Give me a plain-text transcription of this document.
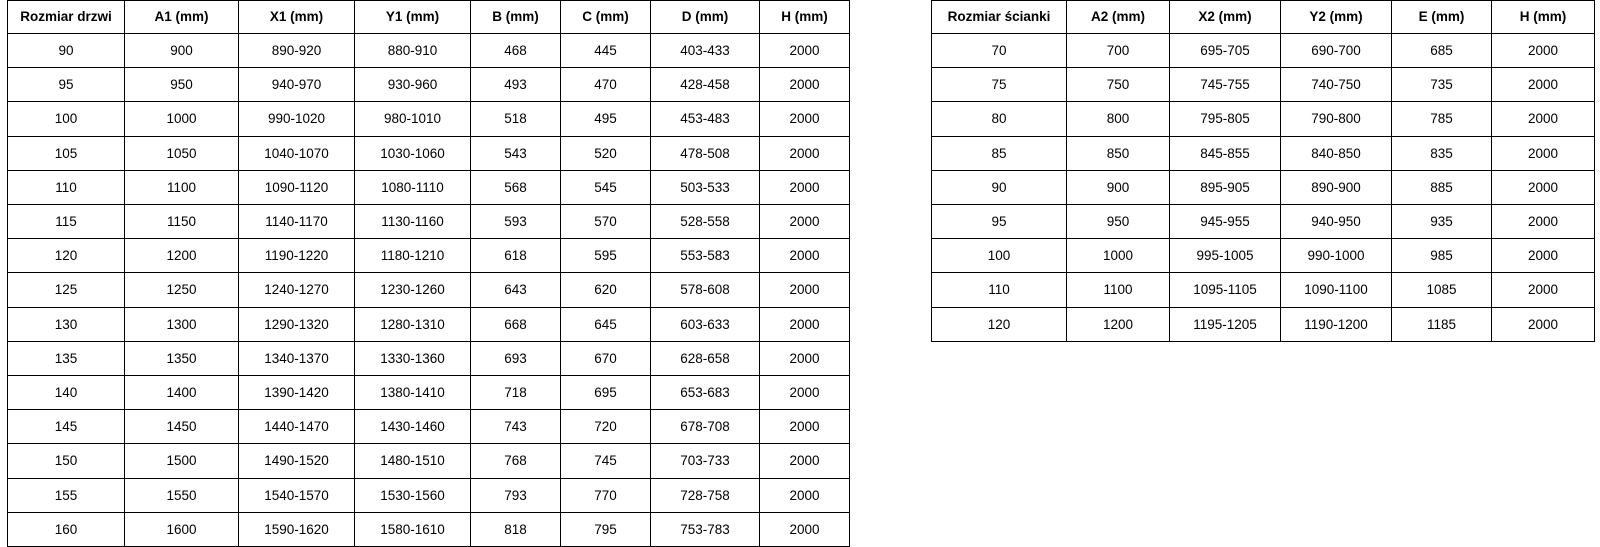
Rozmiar drzwi	A1 (mm)	X1 (mm)	Y1 (mm)	B (mm)	C (mm)	D (mm)	H (mm)
90	900	890-920	880-910	468	445	403-433	2000
95	950	940-970	930-960	493	470	428-458	2000
100	1000	990-1020	980-1010	518	495	453-483	2000
105	1050	1040-1070	1030-1060	543	520	478-508	2000
110	1100	1090-1120	1080-1110	568	545	503-533	2000
115	1150	1140-1170	1130-1160	593	570	528-558	2000
120	1200	1190-1220	1180-1210	618	595	553-583	2000
125	1250	1240-1270	1230-1260	643	620	578-608	2000
130	1300	1290-1320	1280-1310	668	645	603-633	2000
135	1350	1340-1370	1330-1360	693	670	628-658	2000
140	1400	1390-1420	1380-1410	718	695	653-683	2000
145	1450	1440-1470	1430-1460	743	720	678-708	2000
150	1500	1490-1520	1480-1510	768	745	703-733	2000
155	1550	1540-1570	1530-1560	793	770	728-758	2000
160	1600	1590-1620	1580-1610	818	795	753-783	2000
Rozmiar ścianki	A2 (mm)	X2 (mm)	Y2 (mm)	E (mm)	H (mm)
70	700	695-705	690-700	685	2000
75	750	745-755	740-750	735	2000
80	800	795-805	790-800	785	2000
85	850	845-855	840-850	835	2000
90	900	895-905	890-900	885	2000
95	950	945-955	940-950	935	2000
100	1000	995-1005	990-1000	985	2000
110	1100	1095-1105	1090-1100	1085	2000
120	1200	1195-1205	1190-1200	1185	2000
